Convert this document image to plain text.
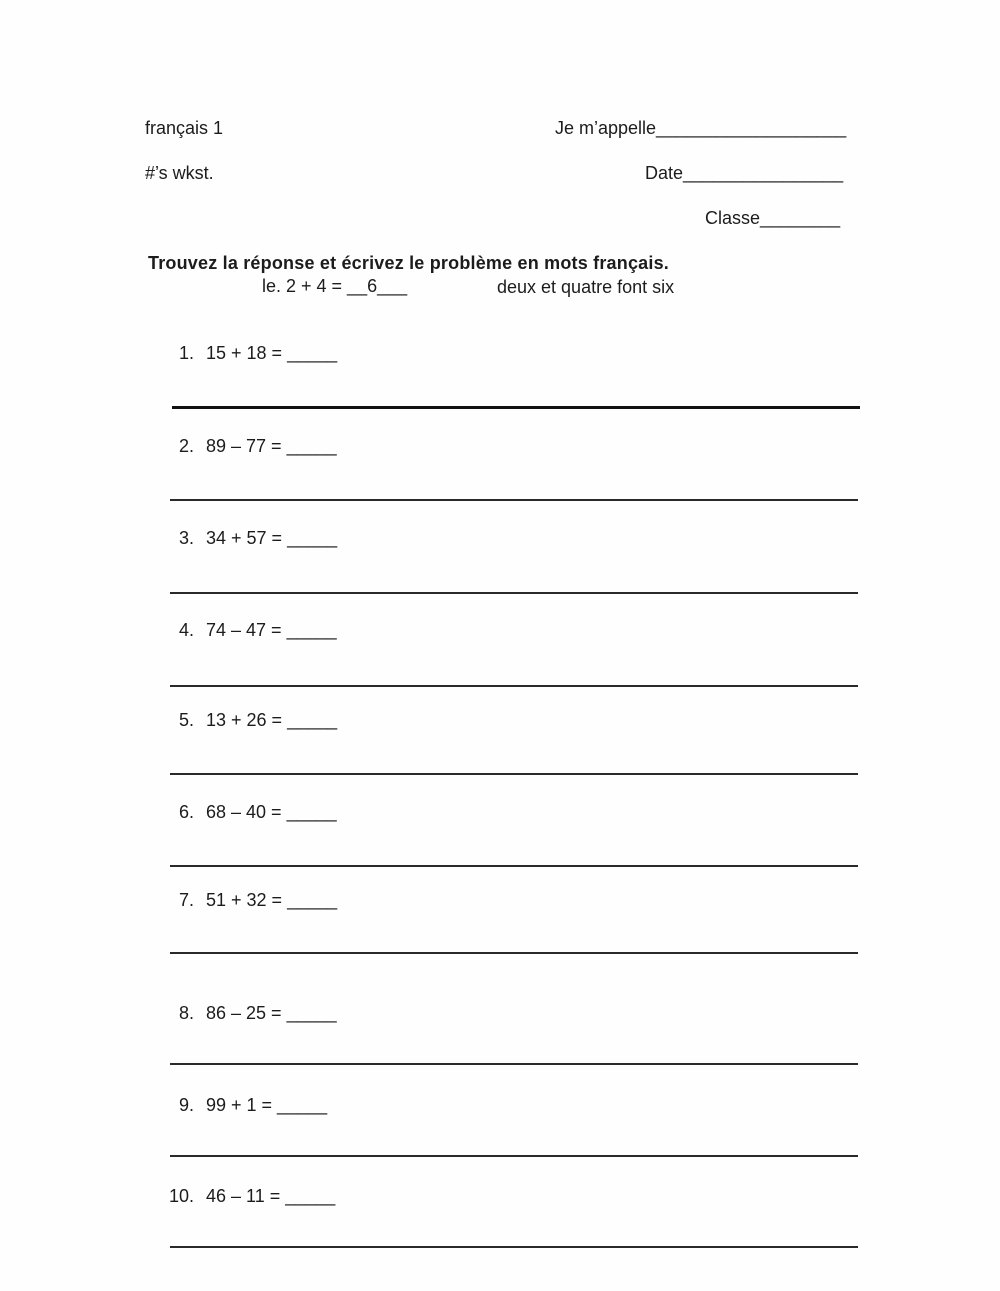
français 1	Je m’appelle___________________
#’s wkst.	Date________________
Classe________
Trouvez la réponse et écrivez le problème en mots français.
le. 2 + 4 = __6___	deux et quatre font six
1. 15 + 18 = _____
2. 89 – 77 = _____
3. 34 + 57 = _____
4. 74 – 47 = _____
5. 13 + 26 = _____
6. 68 – 40 = _____
7. 51 + 32 = _____
8. 86 – 25 = _____
9. 99 + 1 = _____
10. 46 – 11 = _____
